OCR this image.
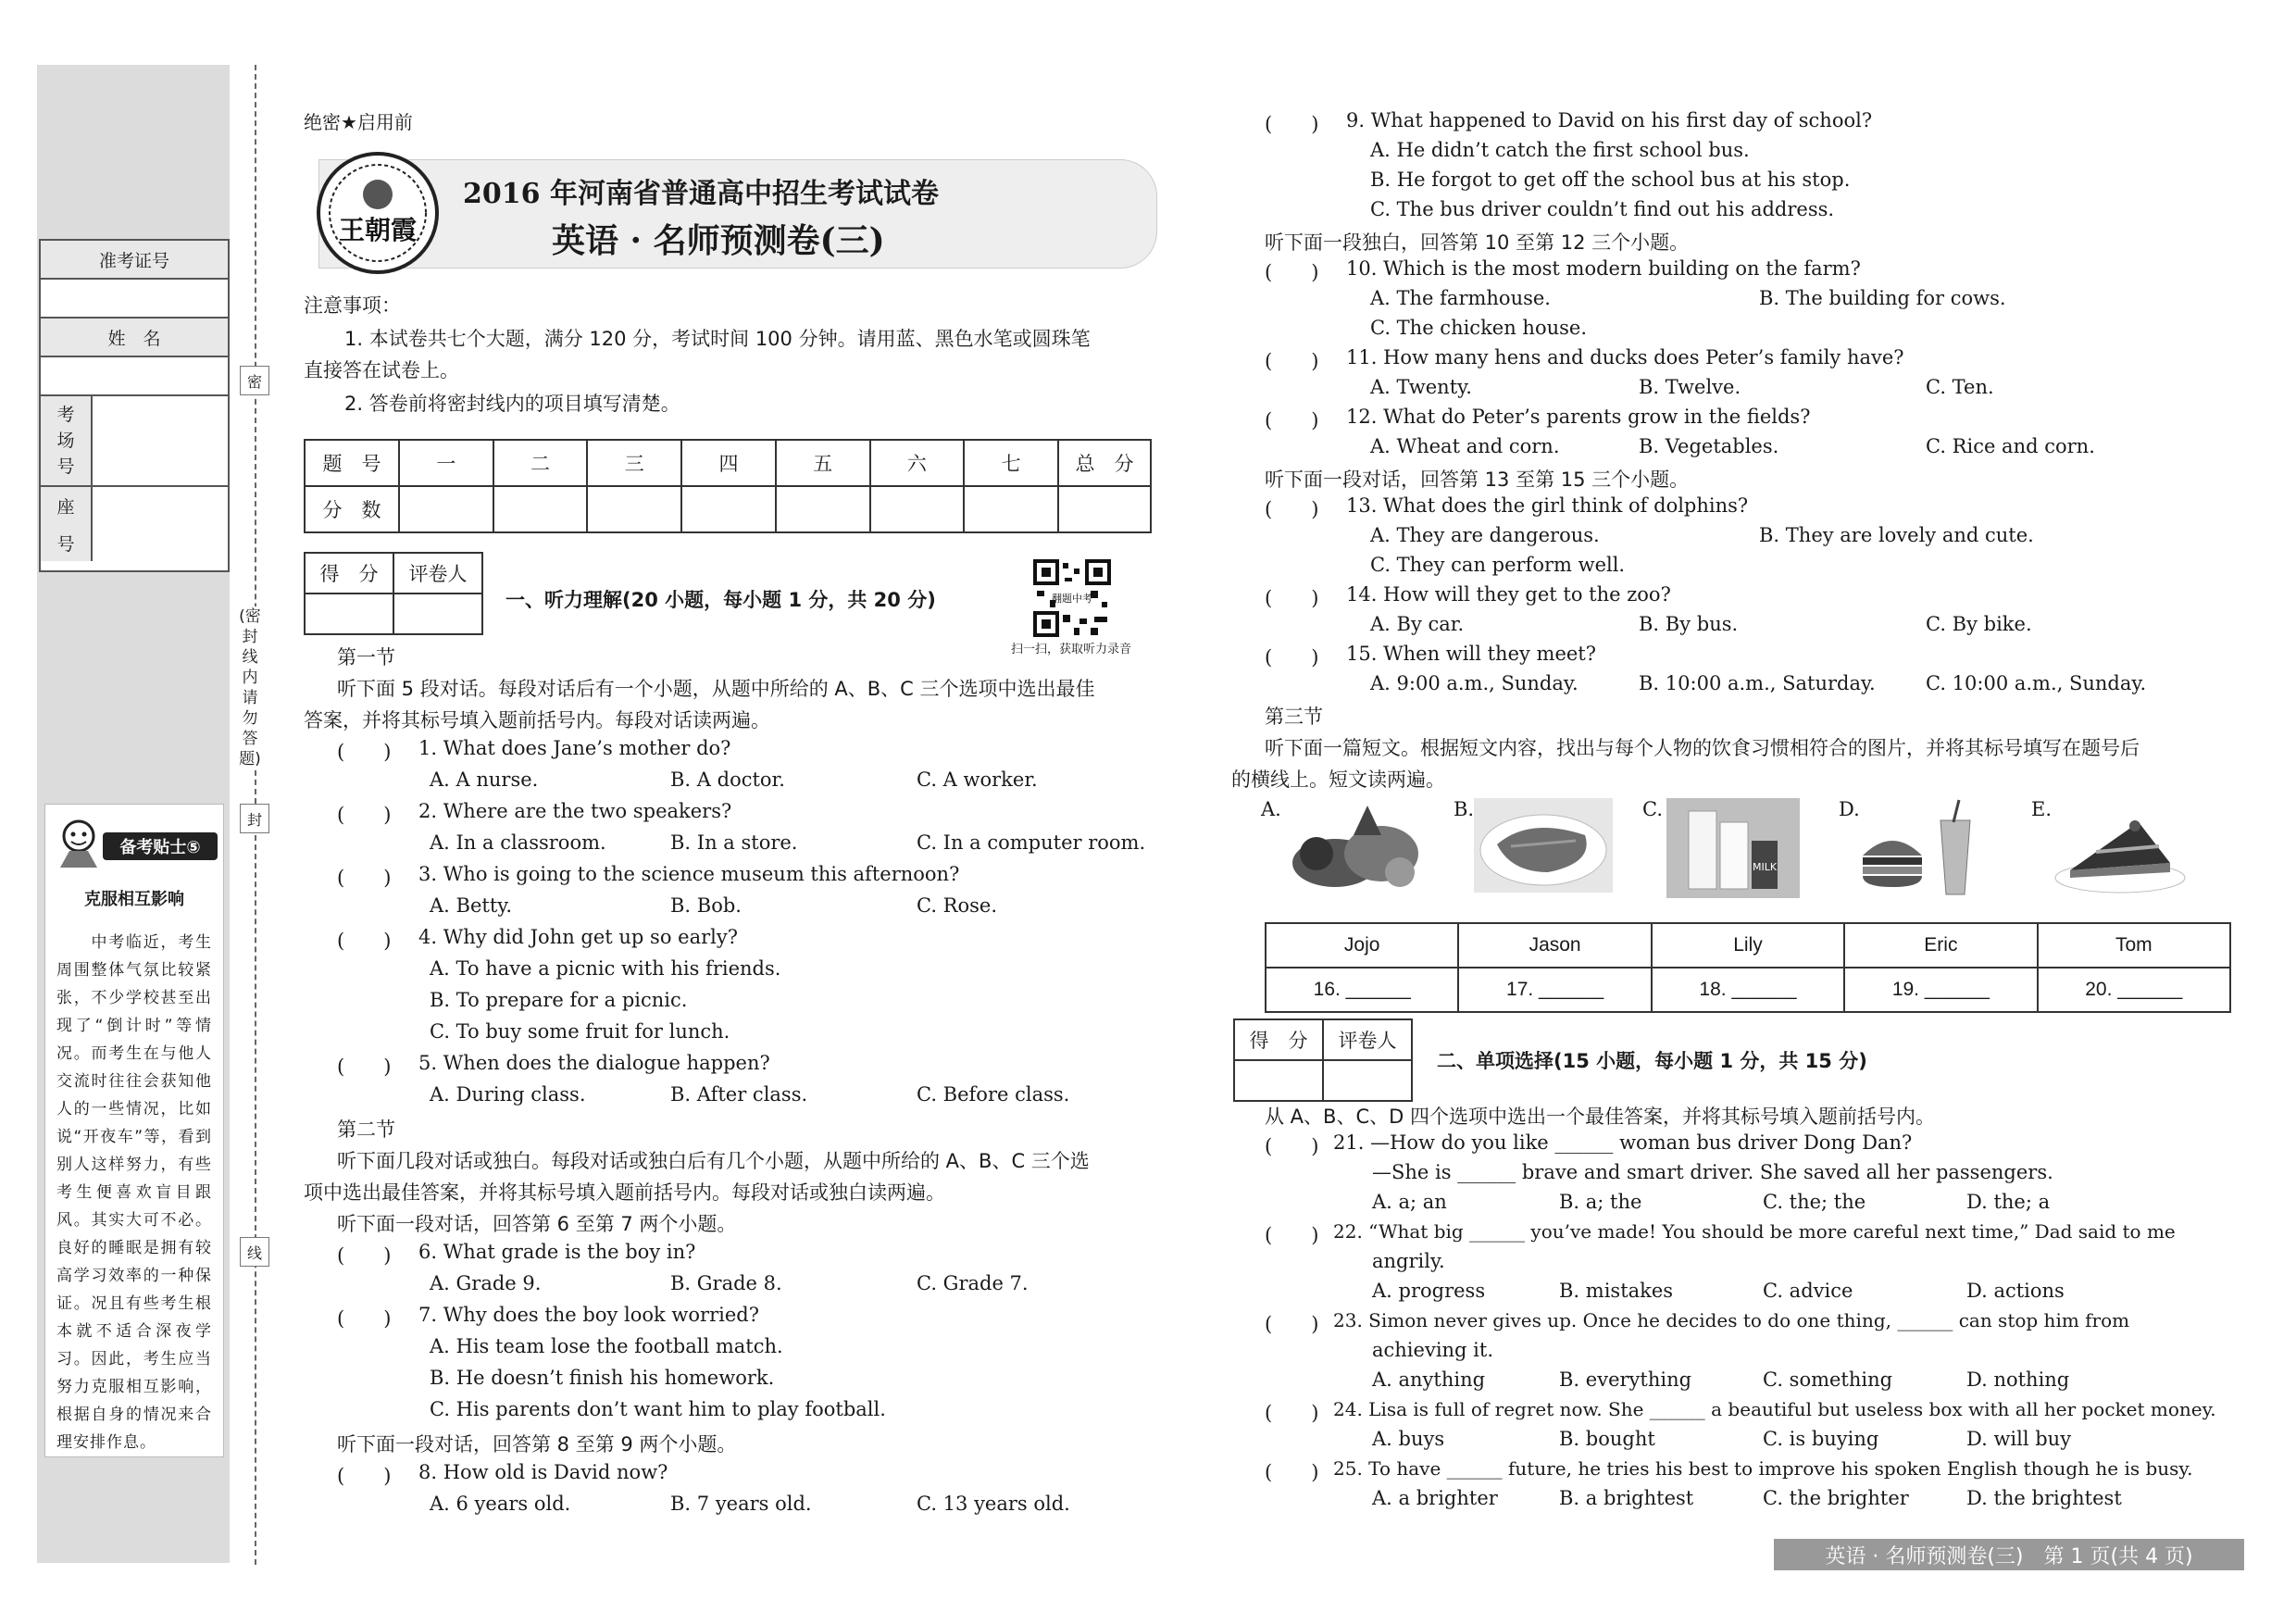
准考证号
姓　名
考
场
号
座
号
备考贴士⑤
克服相互影响
　　中考临近，考生周围整体气氛比较紧张，不少学校甚至出现了“倒计时”等情况。而考生在与他人交流时往往会获知他人的一些情况，比如说“开夜车”等，看到别人这样努力，有些考生便喜欢盲目跟风。其实大可不必。良好的睡眠是拥有较高学习效率的一种保证。况且有些考生根本就不适合深夜学习。因此，考生应当努力克服相互影响，根据自身的情况来合理安排作息。
密
封
线
(密封线内请勿答题)
绝密★启用前
王朝霞
2016 年河南省普通高中招生考试试卷
英语 · 名师预测卷(三)
注意事项：
1. 本试卷共七个大题，满分 120 分，考试时间 100 分钟。请用蓝、黑色水笔或圆珠笔
直接答在试卷上。
2. 答卷前将密封线内的项目填写清楚。
题　号	一	二	三	四	五	六	七	总　分
分　数								
得　分	评卷人

一、听力理解(20 小题，每小题 1 分，共 20 分)	翻题中考
扫一扫，获取听力录音
第一节
听下面 5 段对话。每段对话后有一个小题，从题中所给的 A、B、C 三个选项中选出最佳
答案，并将其标号填入题前括号内。每段对话读两遍。
(　　) 1. What does Jane’s mother do?
A. A nurse.	B. A doctor.	C. A worker.
(　　) 2. Where are the two speakers?
A. In a classroom.	B. In a store.	C. In a computer room.
(　　) 3. Who is going to the science museum this afternoon?
A. Betty.	B. Bob.	C. Rose.
(　　) 4. Why did John get up so early?
A. To have a picnic with his friends.
B. To prepare for a picnic.
C. To buy some fruit for lunch.
(　　) 5. When does the dialogue happen?
A. During class.	B. After class.	C. Before class.
第二节
听下面几段对话或独白。每段对话或独白后有几个小题，从题中所给的 A、B、C 三个选
项中选出最佳答案，并将其标号填入题前括号内。每段对话或独白读两遍。
听下面一段对话，回答第 6 至第 7 两个小题。
(　　) 6. What grade is the boy in?
A. Grade 9.	B. Grade 8.	C. Grade 7.
(　　) 7. Why does the boy look worried?
A. His team lose the football match.
B. He doesn’t finish his homework.
C. His parents don’t want him to play football.
听下面一段对话，回答第 8 至第 9 两个小题。
(　　) 8. How old is David now?
A. 6 years old.	B. 7 years old.	C. 13 years old.
(　　) 9. What happened to David on his first day of school?
A. He didn’t catch the first school bus.
B. He forgot to get off the school bus at his stop.
C. The bus driver couldn’t find out his address.
听下面一段独白，回答第 10 至第 12 三个小题。
(　　) 10. Which is the most modern building on the farm?
A. The farmhouse.	B. The building for cows.
C. The chicken house.
(　　) 11. How many hens and ducks does Peter’s family have?
A. Twenty.	B. Twelve.	C. Ten.
(　　) 12. What do Peter’s parents grow in the fields?
A. Wheat and corn.	B. Vegetables.	C. Rice and corn.
听下面一段对话，回答第 13 至第 15 三个小题。
(　　) 13. What does the girl think of dolphins?
A. They are dangerous.	B. They are lovely and cute.
C. They can perform well.
(　　) 14. How will they get to the zoo?
A. By car.	B. By bus.	C. By bike.
(　　) 15. When will they meet?
A. 9:00 a.m., Sunday.	B. 10:00 a.m., Saturday.	C. 10:00 a.m., Sunday.
第三节
听下面一篇短文。根据短文内容，找出与每个人物的饮食习惯相符合的图片，并将其标号填写在题号后
的横线上。短文读两遍。
A.	B.	C.
MILK
D.	E.
Jojo	Jason	Lily	Eric	Tom
16. ______	17. ______	18. ______	19. ______	20. ______
得　分	评卷人

二、单项选择(15 小题，每小题 1 分，共 15 分)
从 A、B、C、D 四个选项中选出一个最佳答案，并将其标号填入题前括号内。
(　　) 21. —How do you like ______ woman bus driver Dong Dan?
—She is ______ brave and smart driver. She saved all her passengers.
A. a; an	B. a; the	C. the; the	D. the; a
(　　) 22. “What big ______ you’ve made! You should be more careful next time,” Dad said to me
angrily.
A. progress	B. mistakes	C. advice	D. actions
(　　) 23. Simon never gives up. Once he decides to do one thing, ______ can stop him from
achieving it.
A. anything	B. everything	C. something	D. nothing
(　　) 24. Lisa is full of regret now. She ______ a beautiful but useless box with all her pocket money.
A. buys	B. bought	C. is buying	D. will buy
(　　) 25. To have ______ future, he tries his best to improve his spoken English though he is busy.
A. a brighter	B. a brightest	C. the brighter	D. the brightest
英语 · 名师预测卷(三)　第 1 页(共 4 页)
